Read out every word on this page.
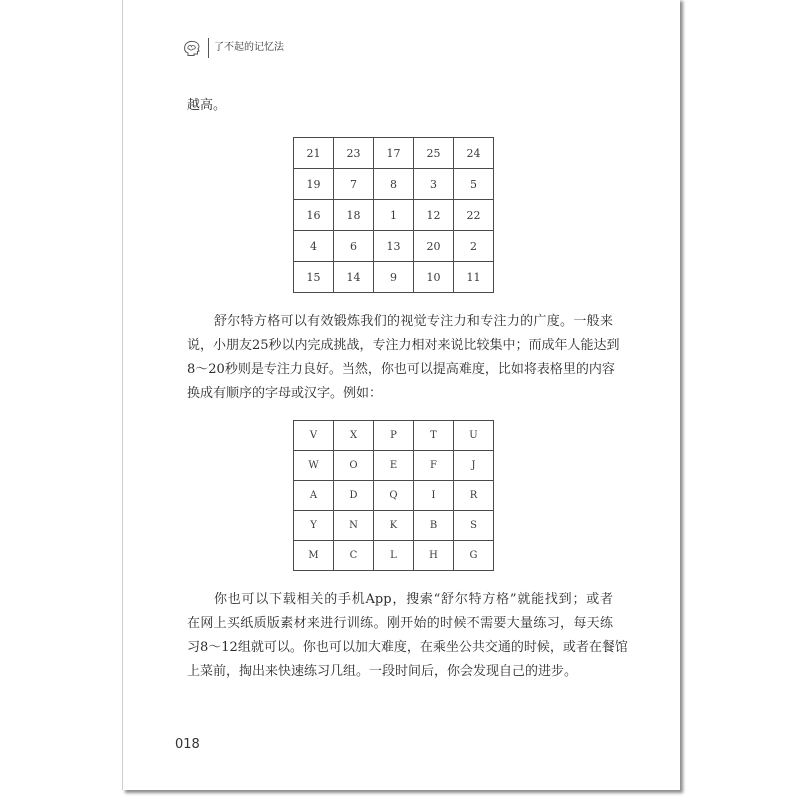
了不起的记忆法
越高。
21	23	17	25	24
19	7	8	3	5
16	18	1	12	22
4	6	13	20	2
15	14	9	10	11
舒尔特方格可以有效锻炼我们的视觉专注力和专注力的广度。一般来
说，小朋友25秒以内完成挑战，专注力相对来说比较集中；而成年人能达到
8～20秒则是专注力良好。当然，你也可以提高难度，比如将表格里的内容
换成有顺序的字母或汉字。例如：
V	X	P	T	U
W	O	E	F	J
A	D	Q	I	R
Y	N	K	B	S
M	C	L	H	G
你也可以下载相关的手机App，搜索“舒尔特方格”就能找到；或者
在网上买纸质版素材来进行训练。刚开始的时候不需要大量练习，每天练
习8～12组就可以。你也可以加大难度，在乘坐公共交通的时候，或者在餐馆
上菜前，掏出来快速练习几组。一段时间后，你会发现自己的进步。
018
